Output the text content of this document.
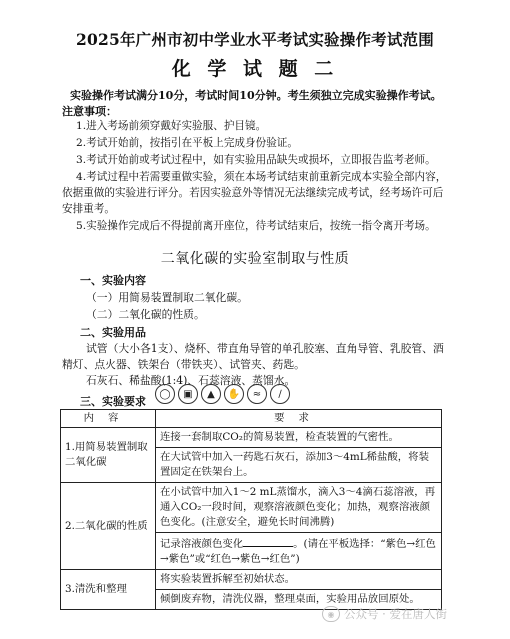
2025年广州市初中学业水平考试实验操作考试范围
化 学 试 题 二
实验操作考试满分10分，考试时间10分钟。考生须独立完成实验操作考试。
注意事项：
1.进入考场前须穿戴好实验服、护目镜。
2.考试开始前，按指引在平板上完成身份验证。
3.考试开始前或考试过程中，如有实验用品缺失或损坏，立即报告监考老师。
4.考试过程中若需要重做实验，须在本场考试结束前重新完成本实验全部内容，
依据重做的实验进行评分。若因实验意外等情况无法继续完成考试，经考场许可后
安排重考。
5.实验操作完成后不得提前离开座位，待考试结束后，按统一指令离开考场。
二氧化碳的实验室制取与性质
一、实验内容
（一）用简易装置制取二氧化碳。
（二）二氧化碳的性质。
二、实验用品
试管（大小各1支）、烧杯、带直角导管的单孔胶塞、直角导管、乳胶管、酒
精灯、点火器、铁架台（带铁夹）、试管夹、药匙。
石灰石、稀盐酸(1:4)、石蕊溶液、蒸馏水。
三、实验要求
◯	▣	▲	✋	≈	∕
内容	要求
1.用简易装置制取二氧化碳	连接一套制取CO₂的简易装置，检查装置的气密性。
	在大试管中加入一药匙石灰石，添加3～4mL稀盐酸，将装置固定在铁架台上。
2.二氧化碳的性质	在小试管中加入1～2 mL蒸馏水，滴入3～4滴石蕊溶液，再通入CO₂一段时间，观察溶液颜色变化；加热，观察溶液颜色变化。(注意安全，避免长时间沸腾)
	记录溶液颜色变化 。(请在平板选择：“紫色→红色→紫色”或“红色→紫色→红色”)
3.清洗和整理	将实验装置拆解至初始状态。
	倾倒废弃物，清洗仪器，整理桌面，实验用品放回原处。
◉ 公众号 · 爱在唐人街
